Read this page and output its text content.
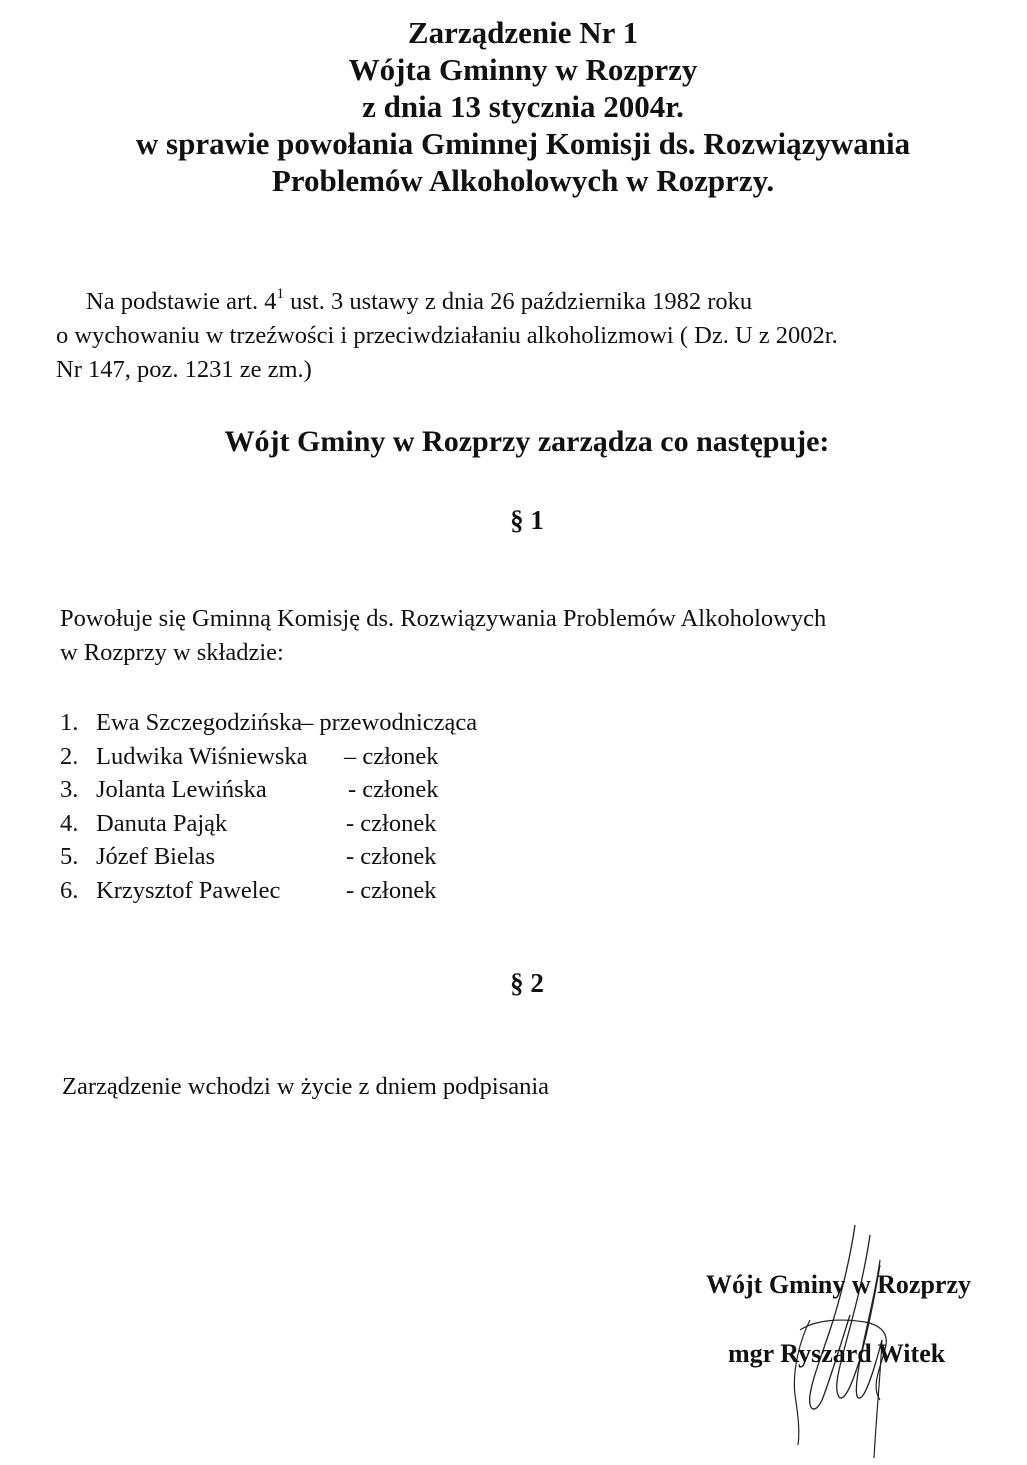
Zarządzenie Nr 1
Wójta Gminny w Rozprzy
z dnia 13 stycznia 2004r.
w sprawie powołania Gminnej Komisji ds. Rozwiązywania
Problemów Alkoholowych w Rozprzy.
Na podstawie art. $4^1$ ust. 3 ustawy z dnia 26 października 1982 roku
o wychowaniu w trzeźwości i przeciwdziałaniu alkoholizmowi ( Dz. U z 2002r.
Nr 147, poz. 1231 ze zm.)
Wójt Gminy w Rozprzy zarządza co następuje:
§ 1
Powołuje się Gminną Komisję ds. Rozwiązywania Problemów Alkoholowych
w Rozprzy w składzie:
1. Ewa Szczegodzińska
– przewodnicząca
2. Ludwika Wiśniewska – członek
3. Jolanta Lewińska	- członek
4. Danuta Pająk	- członek
5. Józef Bielas	- członek
6. Krzysztof Pawelec	- członek
§ 2
Zarządzenie wchodzi w życie z dniem podpisania
Wójt Gminy w Rozprzy
mgr Ryszard Witek
